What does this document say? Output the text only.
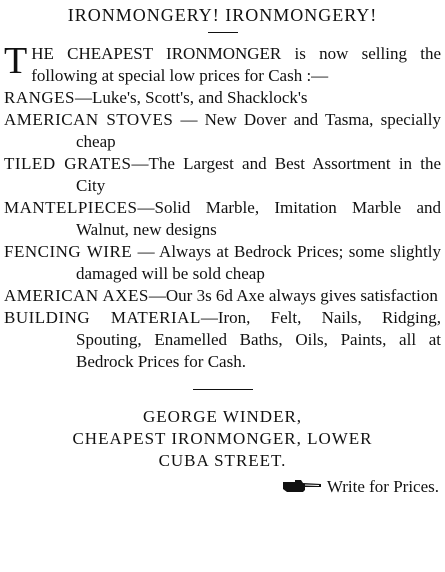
IRONMONGERY! IRONMONGERY!
THE CHEAPEST IRONMONGER is now selling the following at special low prices for Cash :—

RANGES—Luke's, Scott's, and Shacklock's

AMERICAN STOVES — New Dover and Tasma, specially cheap

TILED GRATES—The Largest and Best Assortment in the City

MANTELPIECES—Solid Marble, Imitation Marble and Walnut, new designs

FENCING WIRE — Always at Bedrock Prices; some slightly damaged will be sold cheap

AMERICAN AXES—Our 3s 6d Axe always gives satisfaction

BUILDING MATERIAL—Iron, Felt, Nails, Ridging, Spouting, Enamelled Baths, Oils, Paints, all at Bedrock Prices for Cash.

GEORGE WINDER,
CHEAPEST IRONMONGER, LOWER
CUBA STREET.
Write for Prices.
